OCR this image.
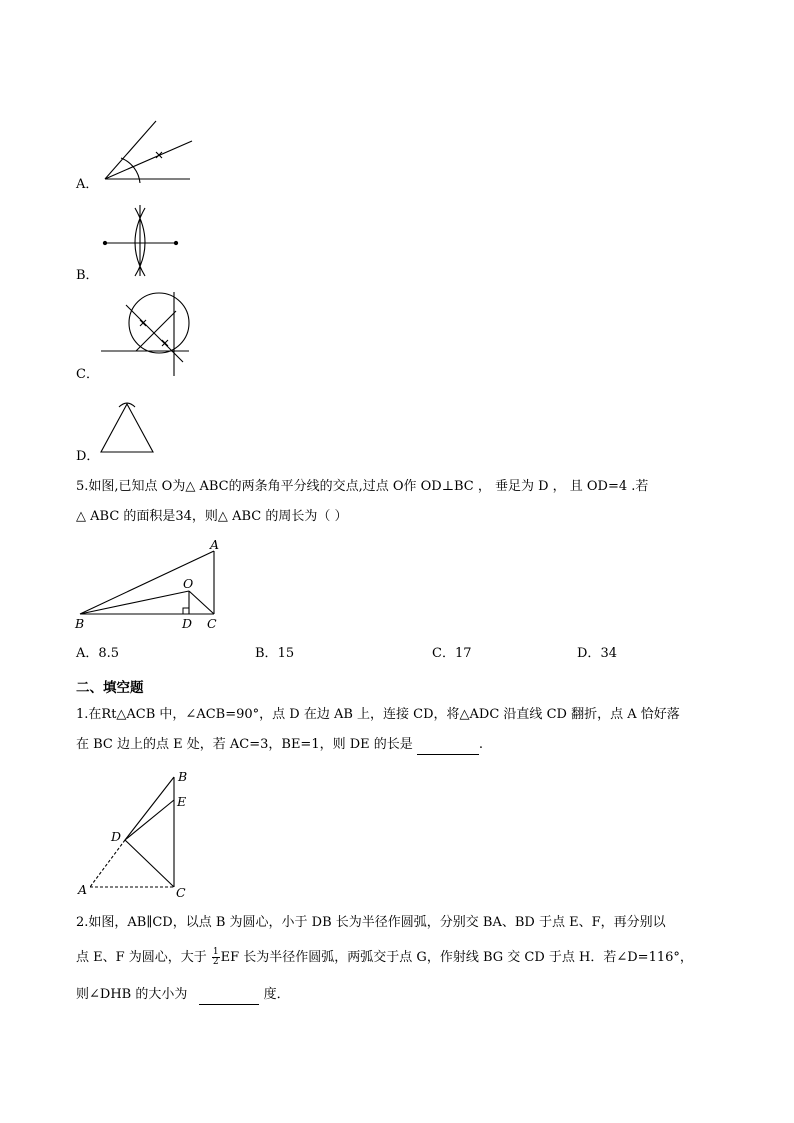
A．
B．
C．
D．
5.如图,已知点 O为△ ABC的两条角平分线的交点,过点 O作 OD⊥BC ， 垂足为 D ， 且 OD=4 .若
△ ABC 的面积是34，则△ ABC 的周长为（ ）
A
O
B	D C
A．8.5	B．15	C．17	D．34
二、填空题
1.在Rt△ACB 中，∠ACB=90°，点 D 在边 AB 上，连接 CD，将△ADC 沿直线 CD 翻折，点 A 恰好落
在 BC 边上的点 E 处，若 AC=3，BE=1，则 DE 的长是	.
B
E
D
A	C
2.如图，AB∥CD，以点 B 为圆心，小于 DB 长为半径作圆弧，分别交 BA、BD 于点 E、F，再分别以
点 E、F 为圆心，大于 $\frac{1}{2}$ EF 长为半径作圆弧，两弧交于点 G，作射线 BG 交 CD 于点 H．若∠D=116°，
则∠DHB 的大小为	度．
